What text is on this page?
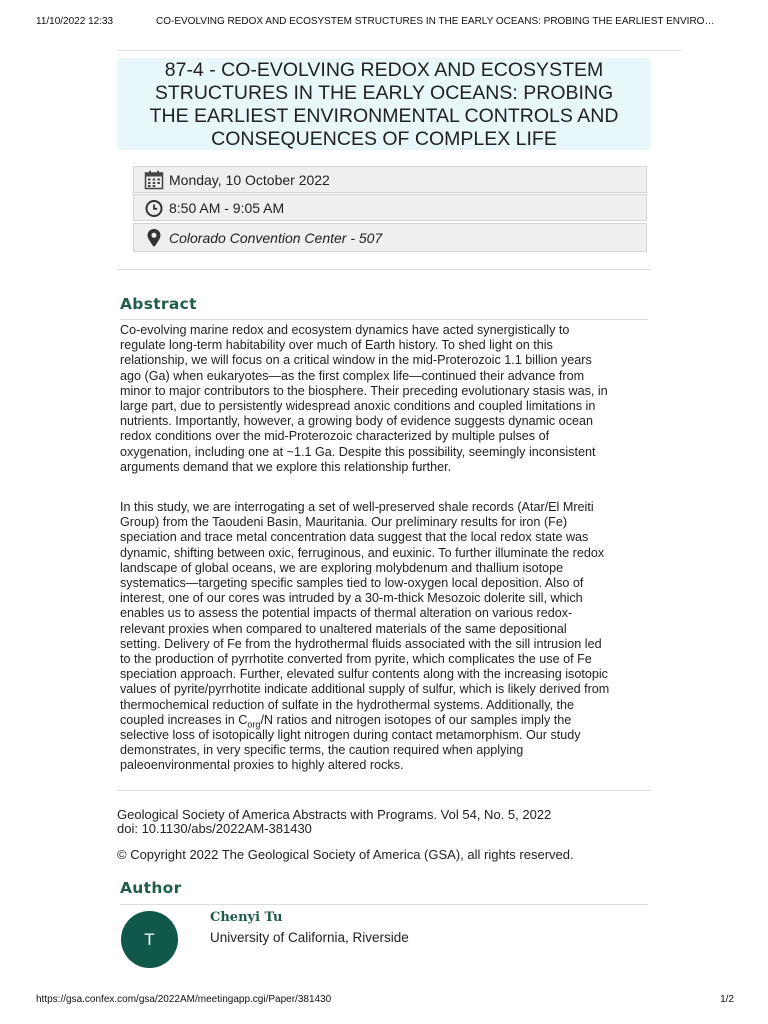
11/10/2022 12:33	CO-EVOLVING REDOX AND ECOSYSTEM STRUCTURES IN THE EARLY OCEANS: PROBING THE EARLIEST ENVIRO…
87-4 - CO-EVOLVING REDOX AND ECOSYSTEM
STRUCTURES IN THE EARLY OCEANS: PROBING
THE EARLIEST ENVIRONMENTAL CONTROLS AND
CONSEQUENCES OF COMPLEX LIFE
Monday, 10 October 2022
8:50 AM - 9:05 AM
Colorado Convention Center - 507
Abstract
Co-evolving marine redox and ecosystem dynamics have acted synergistically to
regulate long-term habitability over much of Earth history. To shed light on this
relationship, we will focus on a critical window in the mid-Proterozoic 1.1 billion years
ago (Ga) when eukaryotes—as the first complex life—continued their advance from
minor to major contributors to the biosphere. Their preceding evolutionary stasis was, in
large part, due to persistently widespread anoxic conditions and coupled limitations in
nutrients. Importantly, however, a growing body of evidence suggests dynamic ocean
redox conditions over the mid-Proterozoic characterized by multiple pulses of
oxygenation, including one at ~1.1 Ga. Despite this possibility, seemingly inconsistent
arguments demand that we explore this relationship further.
In this study, we are interrogating a set of well-preserved shale records (Atar/El Mreiti
Group) from the Taoudeni Basin, Mauritania. Our preliminary results for iron (Fe)
speciation and trace metal concentration data suggest that the local redox state was
dynamic, shifting between oxic, ferruginous, and euxinic. To further illuminate the redox
landscape of global oceans, we are exploring molybdenum and thallium isotope
systematics—targeting specific samples tied to low-oxygen local deposition. Also of
interest, one of our cores was intruded by a 30-m-thick Mesozoic dolerite sill, which
enables us to assess the potential impacts of thermal alteration on various redox-
relevant proxies when compared to unaltered materials of the same depositional
setting. Delivery of Fe from the hydrothermal fluids associated with the sill intrusion led
to the production of pyrrhotite converted from pyrite, which complicates the use of Fe
speciation approach. Further, elevated sulfur contents along with the increasing isotopic
values of pyrite/pyrrhotite indicate additional supply of sulfur, which is likely derived from
thermochemical reduction of sulfate in the hydrothermal systems. Additionally, the
coupled increases in $C_{org}/N$ ratios and nitrogen isotopes of our samples imply the
selective loss of isotopically light nitrogen during contact metamorphism. Our study
demonstrates, in very specific terms, the caution required when applying
paleoenvironmental proxies to highly altered rocks.
Geological Society of America Abstracts with Programs. Vol 54, No. 5, 2022
doi: 10.1130/abs/2022AM-381430
© Copyright 2022 The Geological Society of America (GSA), all rights reserved.
Author
T
Chenyi Tu
University of California, Riverside
https://gsa.confex.com/gsa/2022AM/meetingapp.cgi/Paper/381430	1/2
